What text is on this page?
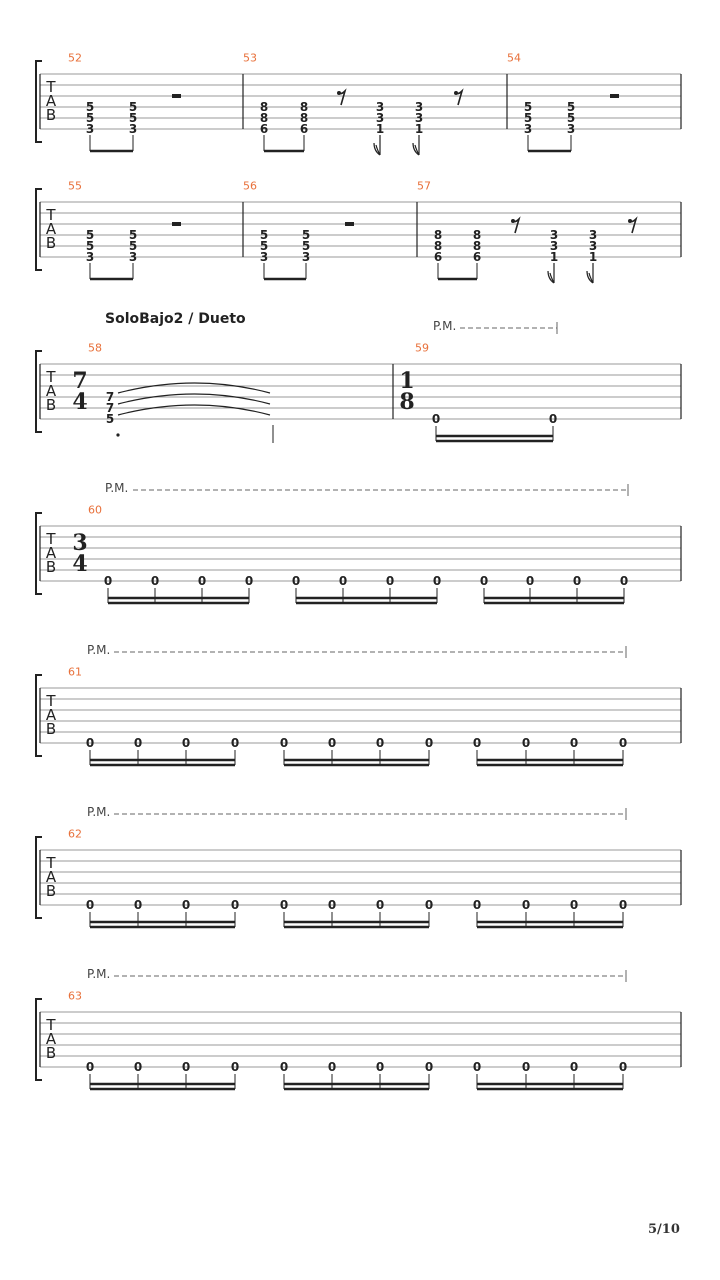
SoloBajo2 / Dueto
5/10
T
A
B
52
5
5
3
5
5
3
53
8
8
6
8
8
6
3
3
1
3
3
1
54
5
5
3
5
5
3
T
A
B
55
5
5
3
5
5
3
56
5
5
3
5
5
3
57
8
8
6
8
8
6
3
3
1
3
3
1
T
A
B
P.M.
58
7
4 7
7
5
59
1
8
0	0
T
A
B
P.M.
60
3
4
0	0	0	0	0	0	0	0	0	0	0	0
T
A
B
P.M.
61
0	0	0	0	0	0	0	0	0	0	0	0
T
A
B
P.M.
62
0	0	0	0	0	0	0	0	0	0	0	0
T
A
B
P.M.
63
0	0	0	0	0	0	0	0	0	0	0	0
